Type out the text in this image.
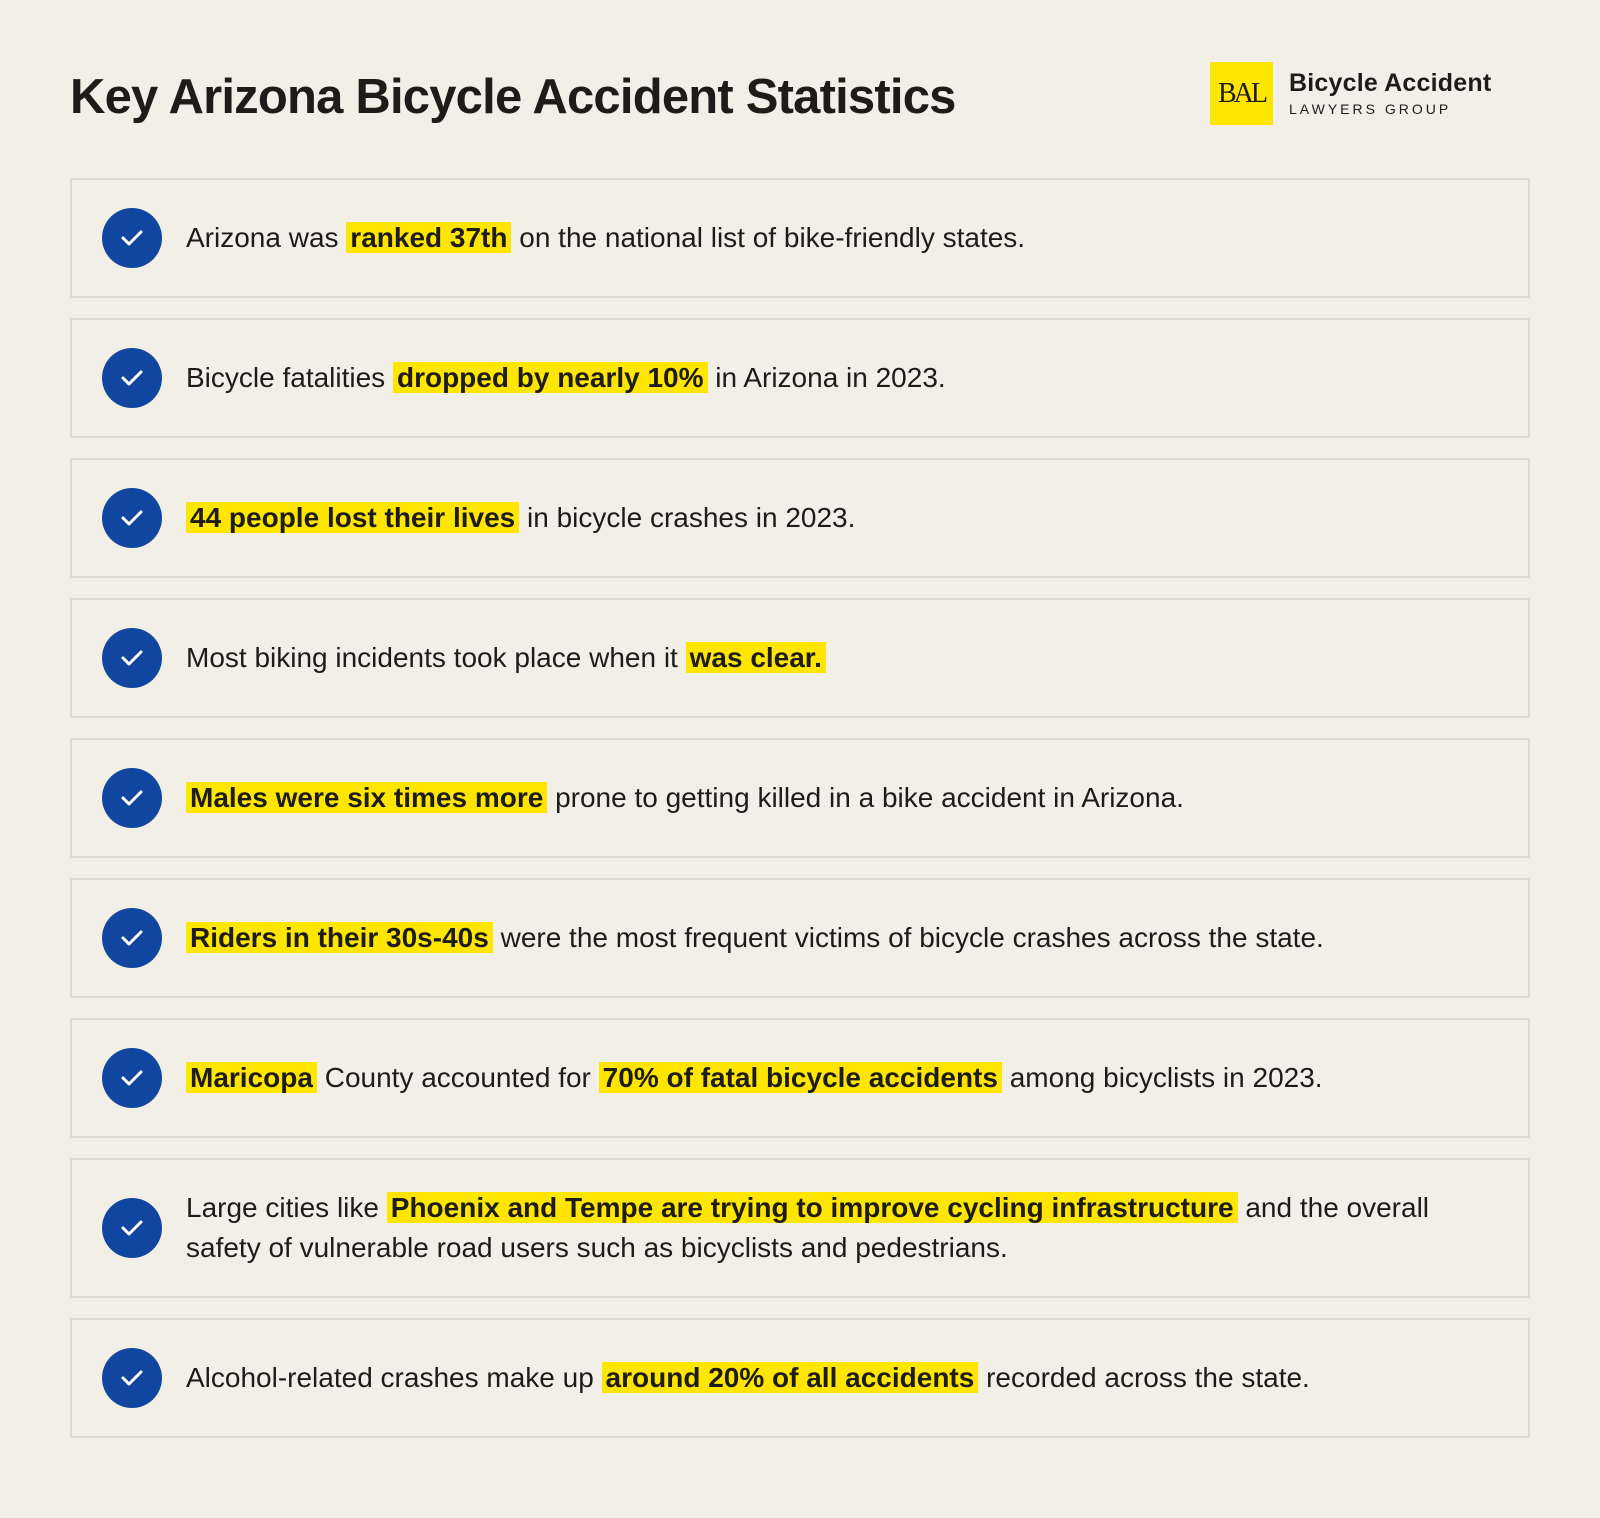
Key Arizona Bicycle Accident Statistics	BAL Bicycle Accident
LAWYERS GROUP
Arizona was ranked 37th on the national list of bike-friendly states.
Bicycle fatalities dropped by nearly 10% in Arizona in 2023.
44 people lost their lives in bicycle crashes in 2023.
Most biking incidents took place when it was clear.
Males were six times more prone to getting killed in a bike accident in Arizona.
Riders in their 30s-40s were the most frequent victims of bicycle crashes across the state.
Maricopa County accounted for 70% of fatal bicycle accidents among bicyclists in 2023.
Large cities like Phoenix and Tempe are trying to improve cycling infrastructure and the overall safety of vulnerable road users such as bicyclists and pedestrians.
Alcohol-related crashes make up around 20% of all accidents recorded across the state.
